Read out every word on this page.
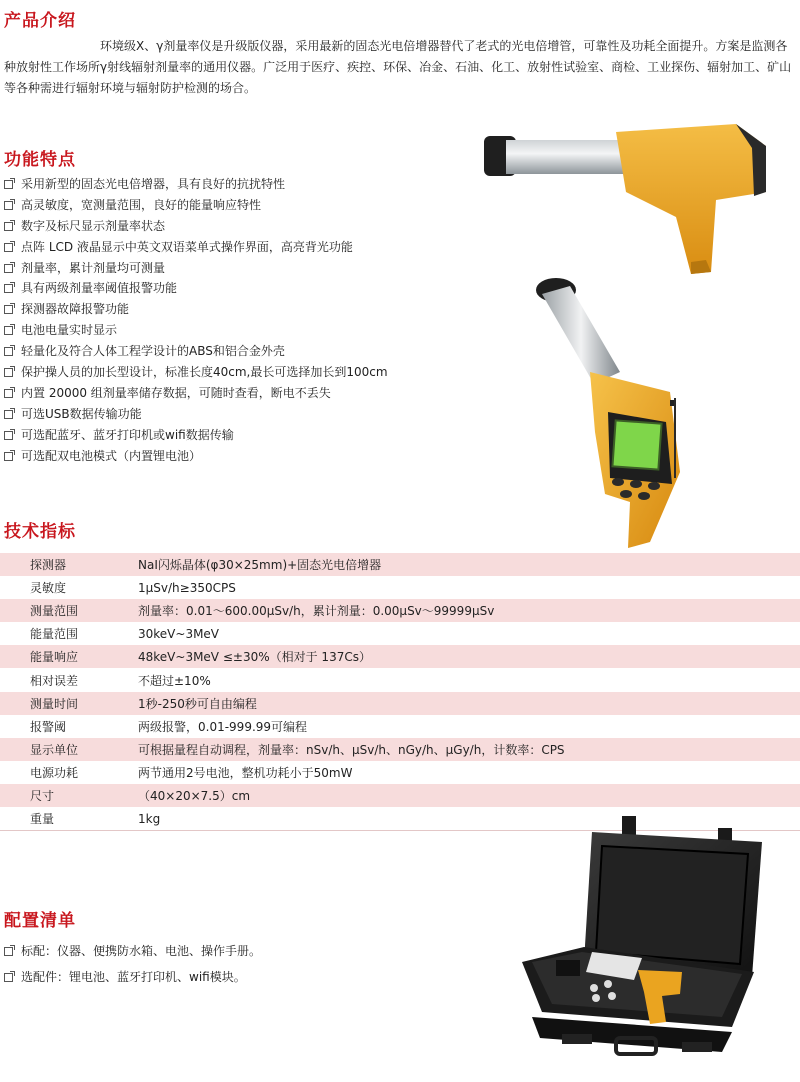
产品介绍
功能特点
技术指标
配置清单
环境级X、γ剂量率仪是升级版仪器，采用最新的固态光电倍增器替代了老式的光电倍增管，可靠性及功耗全面提升。方案是监测各种放射性工作场所γ射线辐射剂量率的通用仪器。广泛用于医疗、疾控、环保、冶金、石油、化工、放射性试验室、商检、工业探伤、辐射加工、矿山等各种需进行辐射环境与辐射防护检测的场合。
采用新型的固态光电倍增器，具有良好的抗扰特性
高灵敏度，宽测量范围，良好的能量响应特性
数字及标尺显示剂量率状态
点阵 LCD 液晶显示中英文双语菜单式操作界面，高亮背光功能
剂量率，累计剂量均可测量
具有两级剂量率阈值报警功能
探测器故障报警功能
电池电量实时显示
轻量化及符合人体工程学设计的ABS和铝合金外壳
保护操人员的加长型设计，标准长度40cm,最长可选择加长到100cm
内置 20000 组剂量率储存数据，可随时查看，断电不丢失
可选USB数据传输功能
可选配蓝牙、蓝牙打印机或wifi数据传输
可选配双电池模式（内置锂电池）
探测器	NaI闪烁晶体(φ30×25mm)+固态光电倍增器
灵敏度	1μSv/h≥350CPS
测量范围	剂量率：0.01～600.00μSv/h，累计剂量：0.00μSv～99999μSv
能量范围	30keV~3MeV
能量响应	48keV~3MeV ≤±30%（相对于 137Cs）
相对误差	不超过±10%
测量时间	1秒-250秒可自由编程
报警阈	两级报警，0.01-999.99可编程
显示单位	可根据量程自动调程，剂量率：nSv/h、μSv/h、nGy/h、μGy/h，计数率：CPS
电源功耗	两节通用2号电池，整机功耗小于50mW
尺寸	（40×20×7.5）cm
重量	1kg
标配：仪器、便携防水箱、电池、操作手册。
选配件：锂电池、蓝牙打印机、wifi模块。
